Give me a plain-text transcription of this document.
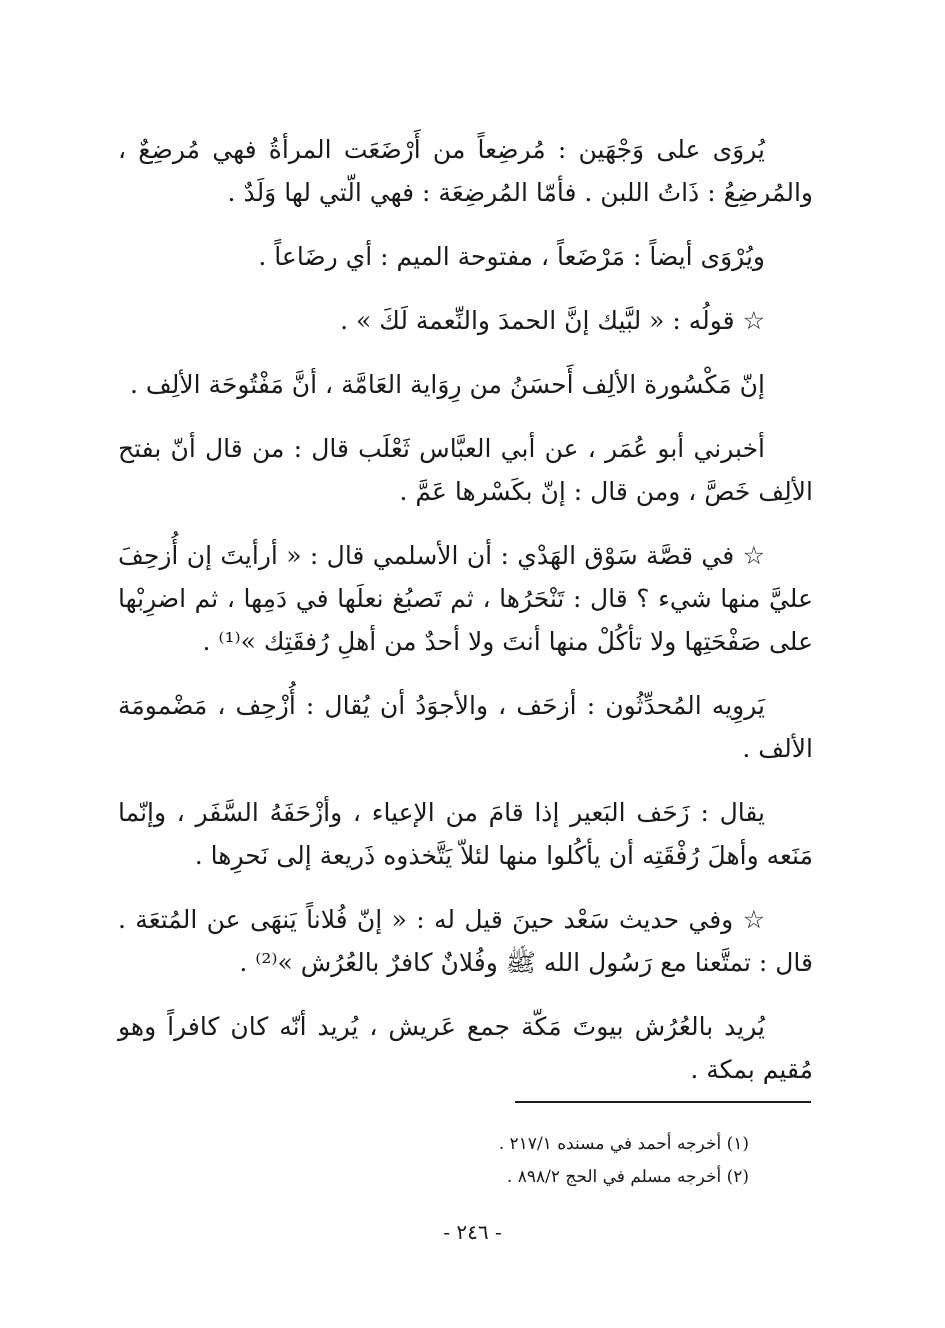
يُروَى على وَجْهَين : مُرضِعاً من أَرْضَعَت المرأةُ فهي مُرضِعٌ ، والمُرضِعُ : ذَاتُ اللبن . فأمّا المُرضِعَة : فهي الّتي لها وَلَدٌ .

ويُرْوَى أيضاً : مَرْضَعاً ، مفتوحة الميم : أي رضَاعاً .

☆ قولُه : « لبَّيك إنَّ الحمدَ والنِّعمة لَكَ » .

إنّ مَكْسُورة الألِف أَحسَنُ من رِوَاية العَامَّة ، أنَّ مَفْتُوحَة الألِف .

أخبرني أبو عُمَر ، عن أبي العبَّاس ثَعْلَب قال : من قال أنّ بفتح الألِف خَصَّ ، ومن قال : إنّ بكَسْرها عَمَّ .

☆ في قصَّة سَوْق الهَدْي : أن الأسلمي قال : « أرأيتَ إن أُزحِفَ عليَّ منها شيء ؟ قال : تَنْحَرُها ، ثم تَصبُغ نعلَها في دَمِها ، ثم اضرِبْها على صَفْحَتِها ولا تأكُلْ منها أنتَ ولا أحدٌ من أهلِ رُفقَتِك »⁽¹⁾ .

يَروِيه المُحدِّثُون : أزحَف ، والأجوَدُ أن يُقال : أُزْحِف ، مَضْمومَة الألف .

يقال : زَحَف البَعير إذا قامَ من الإعياء ، وأزْحَفَهُ السَّفَر ، وإنّما مَنَعه وأهلَ رُفْقَتِه أن يأكُلوا منها لئلاّ يَتَّخذوه ذَريعة إلى نَحرِها .

☆ وفي حديث سَعْد حينَ قيل له : « إنّ فُلاناً يَنهَى عن المُتعَة . قال : تمتَّعنا مع رَسُول الله ﷺ وفُلانٌ كافرٌ بالعُرُش »⁽²⁾ .

يُريد بالعُرُش بيوتَ مَكّة جمع عَريش ، يُريد أنّه كان كافراً وهو مُقيم بمكة .

(١) أخرجه أحمد في مسنده ٢١٧/١ .
(٢) أخرجه مسلم في الحج ٨٩٨/٢ .
- ٢٤٦ -
